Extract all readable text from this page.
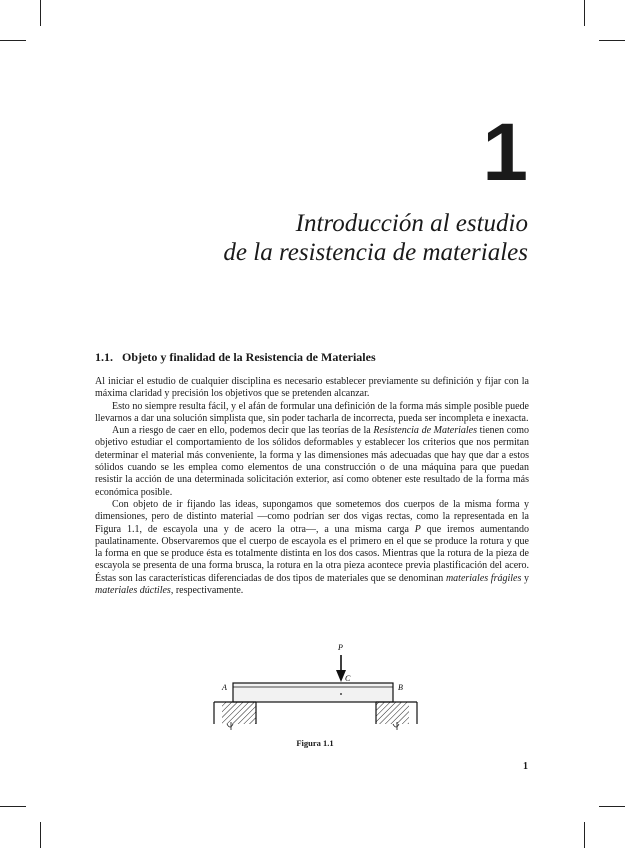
1
Introducción al estudio
de la resistencia de materiales
1.1. Objeto y finalidad de la Resistencia de Materiales

Al iniciar el estudio de cualquier disciplina es necesario establecer previamente su definición y fijar con la máxima claridad y precisión los objetivos que se pretenden alcanzar.

Esto no siempre resulta fácil, y el afán de formular una definición de la forma más simple posible puede llevarnos a dar una solución simplista que, sin poder tacharla de incorrecta, pueda ser incompleta e inexacta.

Aun a riesgo de caer en ello, podemos decir que las teorías de la Resistencia de Materiales tienen como objetivo estudiar el comportamiento de los sólidos deformables y establecer los criterios que nos permitan determinar el material más conveniente, la forma y las dimensiones más adecuadas que hay que dar a estos sólidos cuando se les emplea como elementos de una construcción o de una máquina para que puedan resistir la acción de una determinada solicitación exterior, así como obtener este resultado de la forma más económica posible.

Con objeto de ir fijando las ideas, supongamos que sometemos dos cuerpos de la misma forma y dimensiones, pero de distinto material —como podrían ser dos vigas rectas, como la representada en la Figura 1.1, de escayola una y de acero la otra—, a una misma carga P que iremos aumentando paulatinamente. Observaremos que el cuerpo de escayola es el primero en el que se produce la rotura y que la forma en que se produce ésta es totalmente distinta en los dos casos. Mientras que la rotura de la pieza de escayola se presenta de una forma brusca, la rotura en la otra pieza acontece previa plastificación del acero. Éstas son las características diferenciadas de dos tipos de materiales que se denominan materiales frágiles y materiales dúctiles, respectivamente.

P
C
A	B

Figura 1.1

1
